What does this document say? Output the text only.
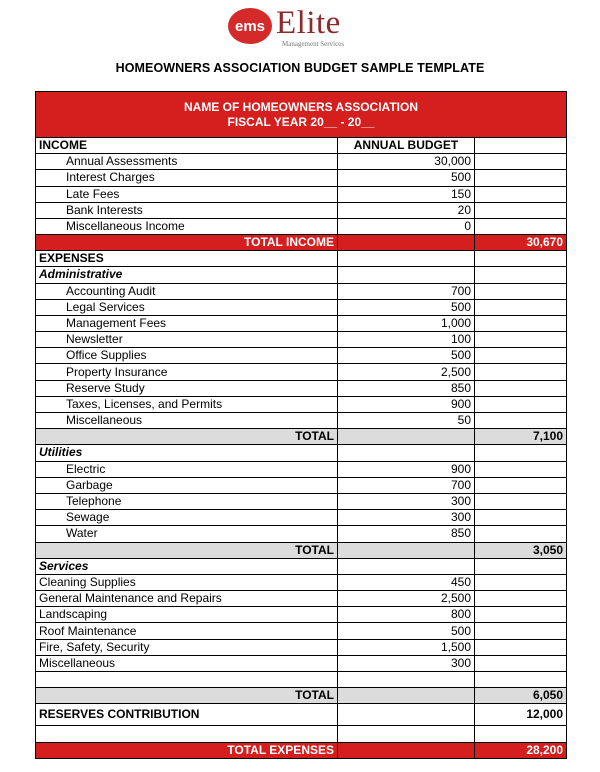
ems Elite
Management Services
HOMEOWNERS ASSOCIATION BUDGET SAMPLE TEMPLATE
NAME OF HOMEOWNERS ASSOCIATION
FISCAL YEAR 20__ - 20__		

INCOME	ANNUAL BUDGET	
Annual Assessments	30,000	
Interest Charges	500	
Late Fees	150	
Bank Interests	20	
Miscellaneous Income	0	
TOTAL INCOME		30,670
EXPENSES		
Administrative		
Accounting Audit	700	
Legal Services	500	
Management Fees	1,000	
Newsletter	100	
Office Supplies	500	
Property Insurance	2,500	
Reserve Study	850	
Taxes, Licenses, and Permits	900	
Miscellaneous	50	
TOTAL		7,100
Utilities		
Electric	900	
Garbage	700	
Telephone	300	
Sewage	300	
Water	850	
TOTAL		3,050
Services		
Cleaning Supplies	450	
General Maintenance and Repairs	2,500	
Landscaping	800	
Roof Maintenance	500	
Fire, Safety, Security	1,500	
Miscellaneous	300	

TOTAL		6,050
RESERVES CONTRIBUTION		12,000

TOTAL EXPENSES		28,200
